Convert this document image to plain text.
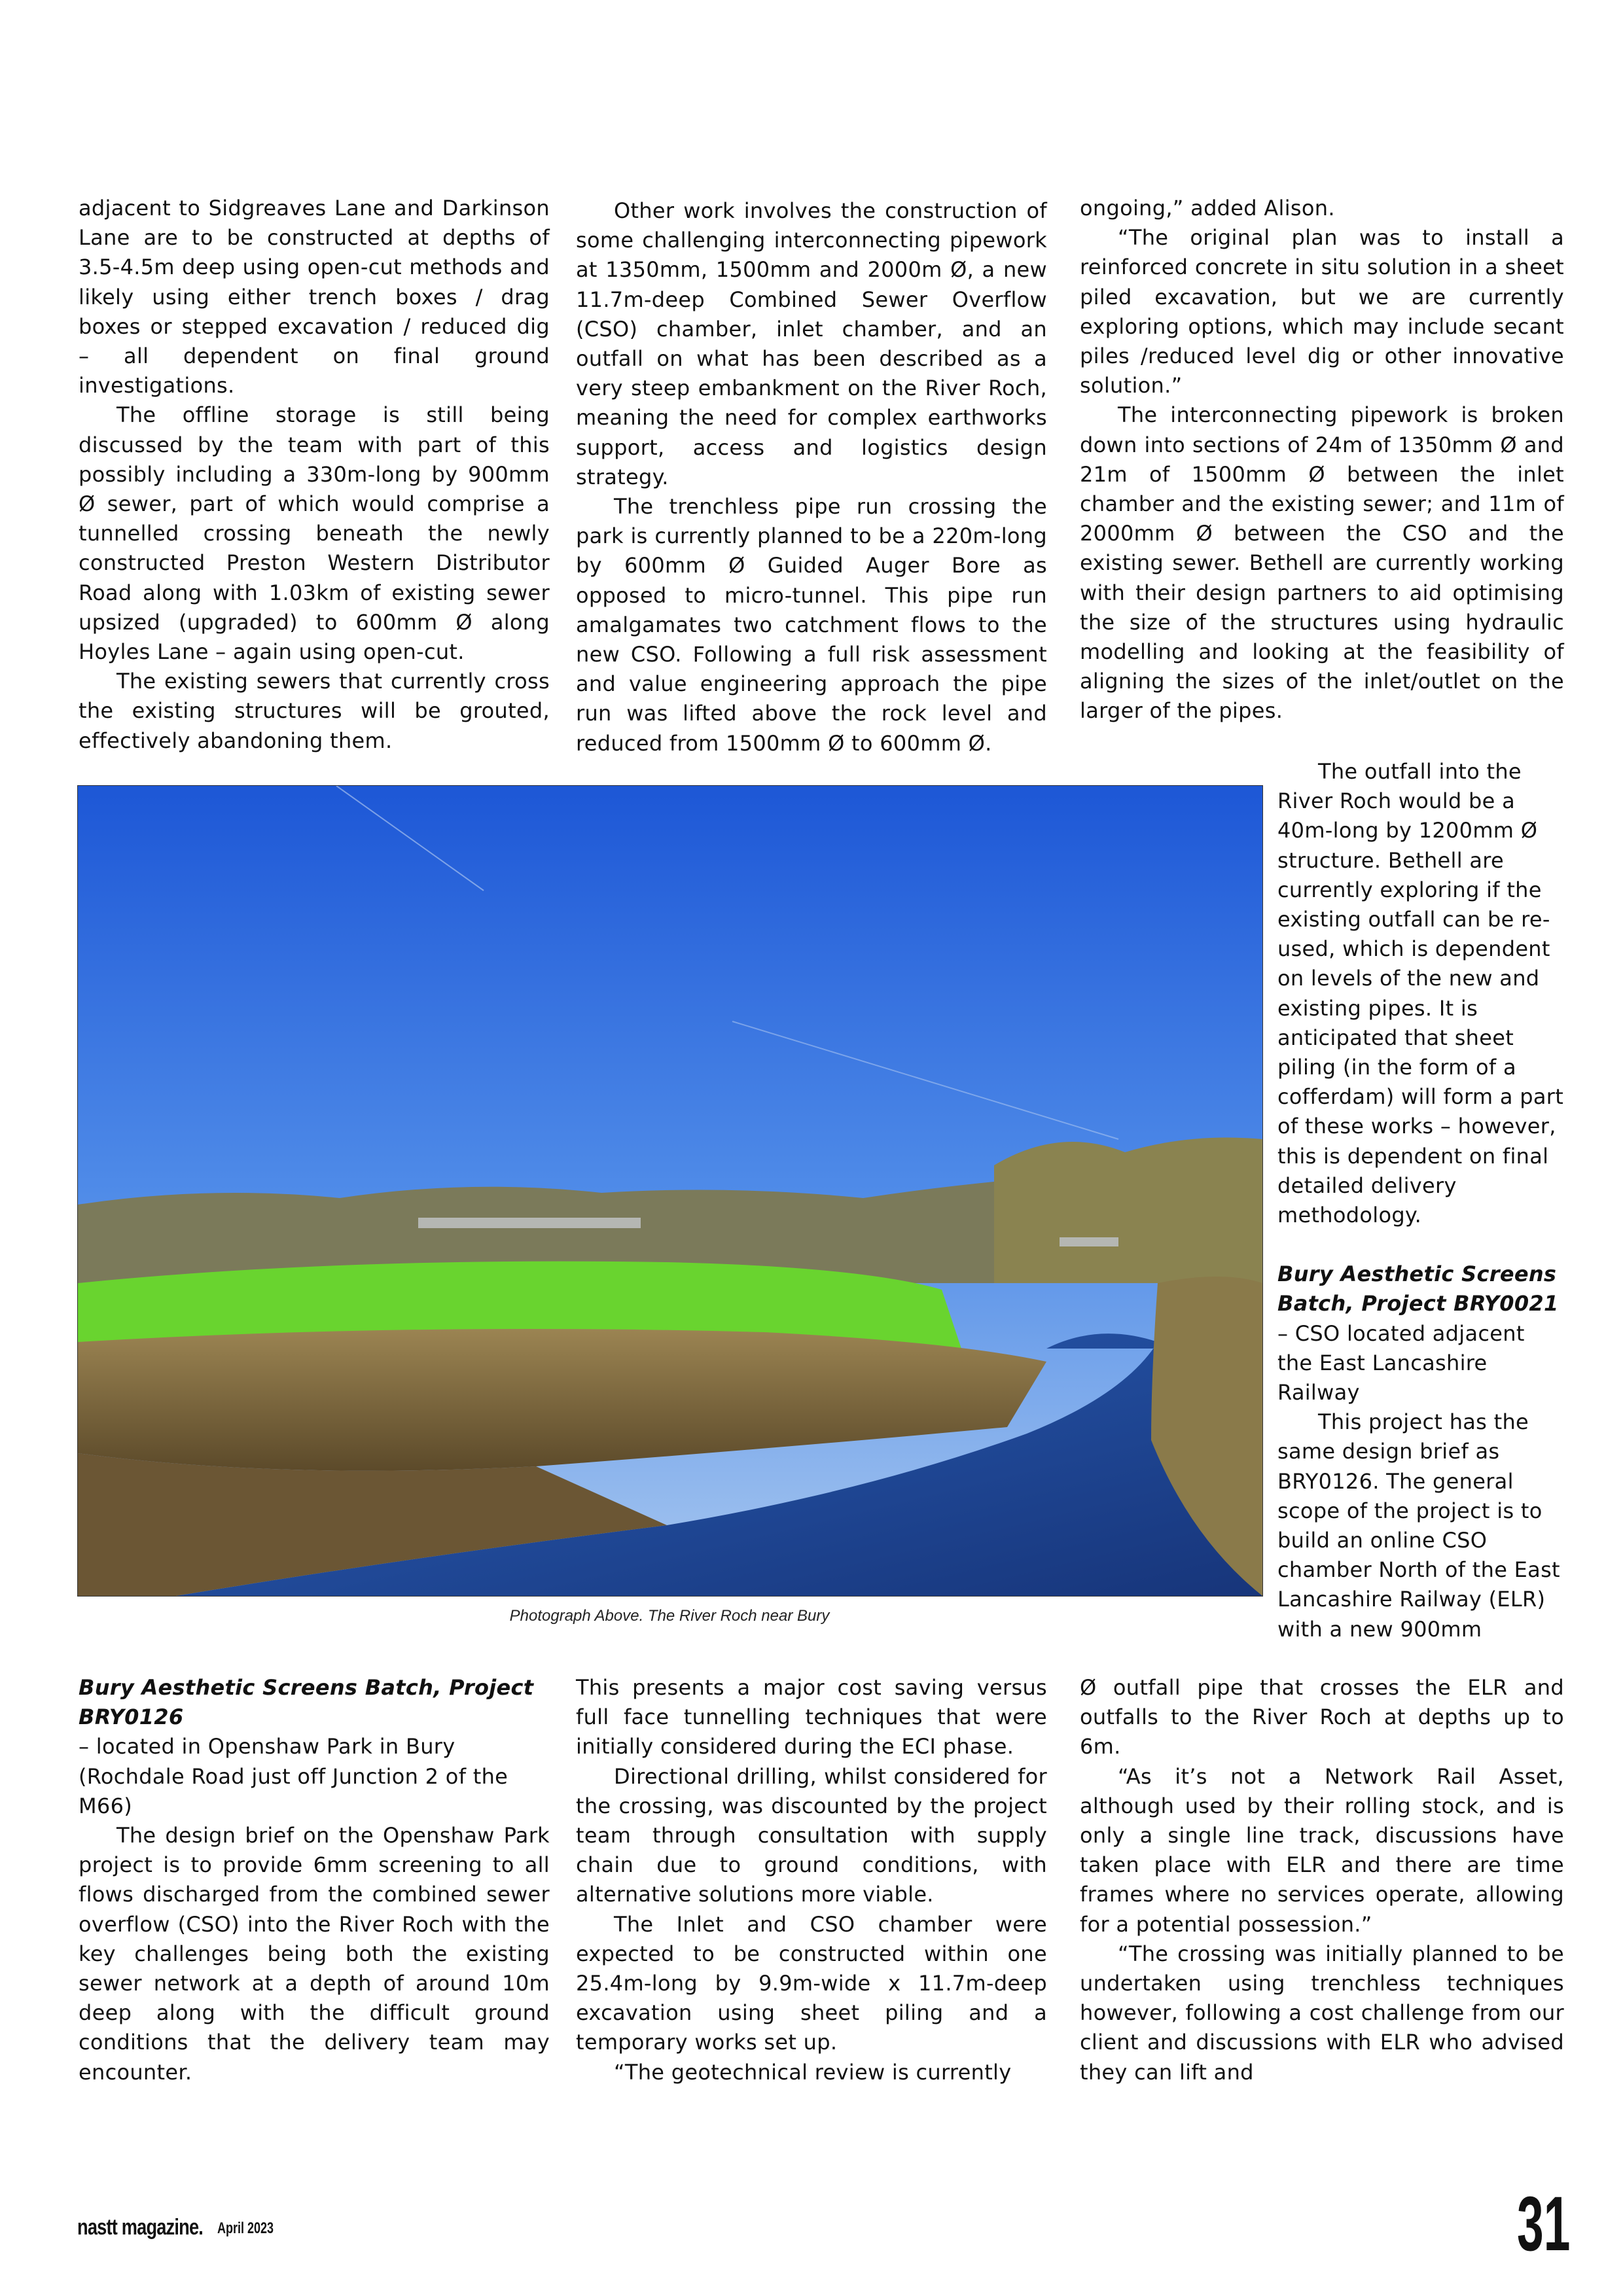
adjacent to Sidgreaves Lane and Darkinson Lane are to be constructed at depths of 3.5-4.5m deep using open-cut methods and likely using either trench boxes / drag boxes or stepped excavation / reduced dig – all dependent on final ground investigations.

The offline storage is still being discussed by the team with part of this possibly including a 330m-long by 900mm Ø sewer, part of which would comprise a tunnelled crossing beneath the newly constructed Preston Western Distributor Road along with 1.03km of existing sewer upsized (upgraded) to 600mm Ø along Hoyles Lane – again using open-cut.

The existing sewers that currently cross the existing structures will be grouted, effectively abandoning them.

Other work involves the construction of some challenging interconnecting pipework at 1350mm, 1500mm and 2000m Ø, a new 11.7m-deep Combined Sewer Overflow (CSO) chamber, inlet chamber, and an outfall on what has been described as a very steep embankment on the River Roch, meaning the need for complex earthworks support, access and logistics design strategy.

The trenchless pipe run crossing the park is currently planned to be a 220m-long by 600mm Ø Guided Auger Bore as opposed to micro-tunnel. This pipe run amalgamates two catchment flows to the new CSO. Following a full risk assessment and value engineering approach the pipe run was lifted above the rock level and reduced from 1500mm Ø to 600mm Ø.

ongoing,” added Alison.

“The original plan was to install a reinforced concrete in situ solution in a sheet piled excavation, but we are currently exploring options, which may include secant piles /reduced level dig or other innovative solution.”

The interconnecting pipework is broken down into sections of 24m of 1350mm Ø and 21m of 1500mm Ø between the inlet chamber and the existing sewer; and 11m of 2000mm Ø between the CSO and the existing sewer. Bethell are currently working with their design partners to aid optimising the size of the structures using hydraulic modelling and looking at the feasibility of aligning the sizes of the inlet/outlet on the larger of the pipes.

The outfall into the River Roch would be a 40m-long by 1200mm Ø structure. Bethell are currently exploring if the existing outfall can be re-used, which is dependent on levels of the new and existing pipes. It is anticipated that sheet piling (in the form of a cofferdam) will form a part of these works – however, this is dependent on final detailed delivery methodology.

Bury Aesthetic Screens Batch, Project BRY0021

– CSO located adjacent the East Lancashire Railway

This project has the same design brief as BRY0126. The general scope of the project is to build an online CSO chamber North of the East Lancashire Railway (ELR) with a new 900mm

Photograph Above. The River Roch near Bury

Bury Aesthetic Screens Batch, Project BRY0126

– located in Openshaw Park in Bury (Rochdale Road just off Junction 2 of the M66)

The design brief on the Openshaw Park project is to provide 6mm screening to all flows discharged from the combined sewer overflow (CSO) into the River Roch with the key challenges being both the existing sewer network at a depth of around 10m deep along with the difficult ground conditions that the delivery team may encounter.

This presents a major cost saving versus full face tunnelling techniques that were initially considered during the ECI phase.

Directional drilling, whilst considered for the crossing, was discounted by the project team through consultation with supply chain due to ground conditions, with alternative solutions more viable.

The Inlet and CSO chamber were expected to be constructed within one 25.4m-long by 9.9m-wide x 11.7m-deep excavation using sheet piling and a temporary works set up.

“The geotechnical review is currently

Ø outfall pipe that crosses the ELR and outfalls to the River Roch at depths up to 6m.

“As it’s not a Network Rail Asset, although used by their rolling stock, and is only a single line track, discussions have taken place with ELR and there are time frames where no services operate, allowing for a potential possession.”

“The crossing was initially planned to be undertaken using trenchless techniques however, following a cost challenge from our client and discussions with ELR who advised they can lift and

nastt magazine. April 2023	31
